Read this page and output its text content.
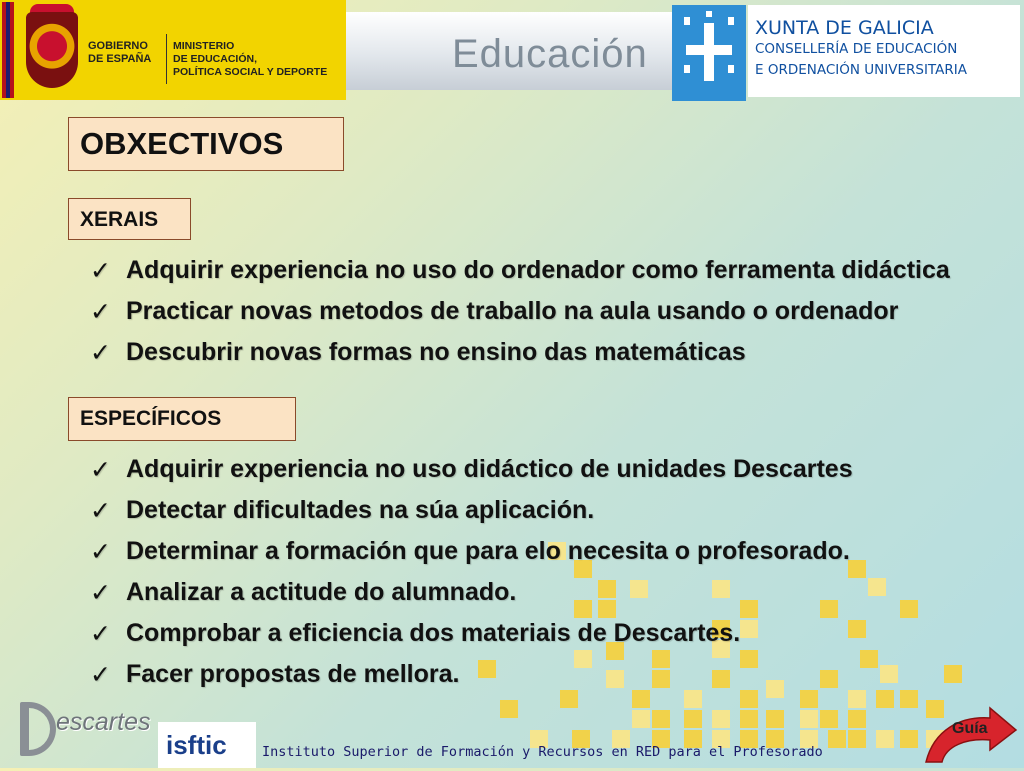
GOBIERNO
DE ESPAÑA
MINISTERIO
DE EDUCACIÓN,
POLÍTICA SOCIAL Y DEPORTE	Educación
XUNTA DE GALICIA
CONSELLERÍA DE EDUCACIÓN
E ORDENACIÓN UNIVERSITARIA
OBXECTIVOS
XERAIS
✓ Adquirir experiencia no uso do ordenador como ferramenta didáctica
✓ Practicar novas metodos de traballo na aula usando o ordenador
✓ Descubrir novas formas no ensino das matemáticas
ESPECÍFICOS
✓ Adquirir experiencia no uso didáctico de unidades Descartes
✓ Detectar dificultades na súa aplicación.
✓ Determinar a formación que para elo necesita o profesorado.
✓ Analizar a actitude do alumnado.
✓ Comprobar a eficiencia dos materiais de Descartes.
✓ Facer propostas de mellora.
escartes
isftic	Instituto Superior de Formación y Recursos en RED para el Profesorado
Guía
